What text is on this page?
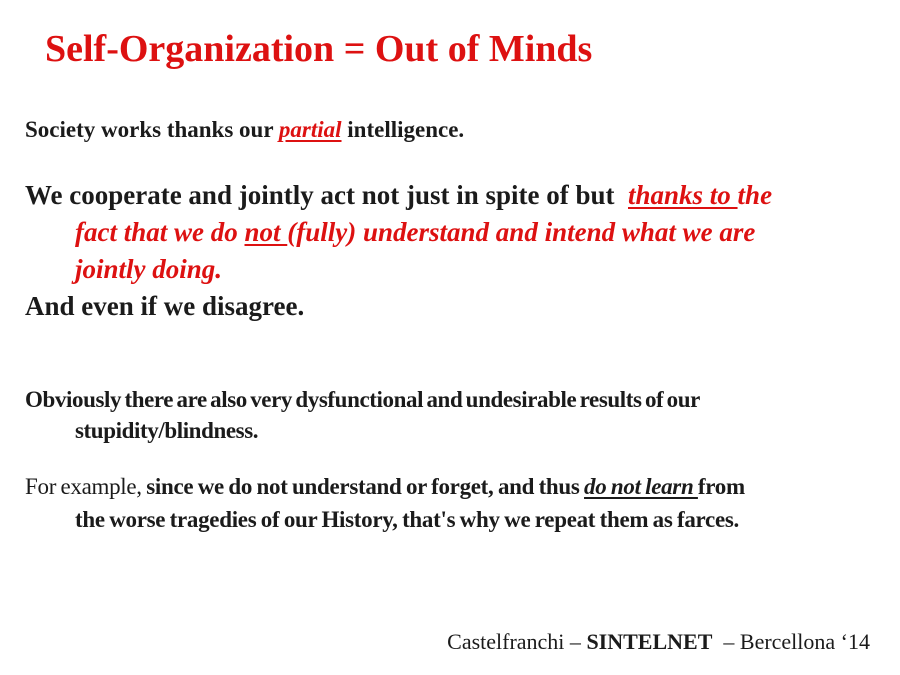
Self-Organization = Out of Minds
Society works thanks our partial intelligence.
We cooperate and jointly act not just in spite of but  thanks to the
fact that we do not (fully) understand and intend what we are
jointly doing.
And even if we disagree.
Obviously there are also very dysfunctional and undesirable results of our
stupidity/blindness.
For example, since we do not understand or forget, and thus do not learn from
the worse tragedies of our History, that's why we repeat them as farces.
Castelfranchi – SINTELNET  – Bercellona ‘14
